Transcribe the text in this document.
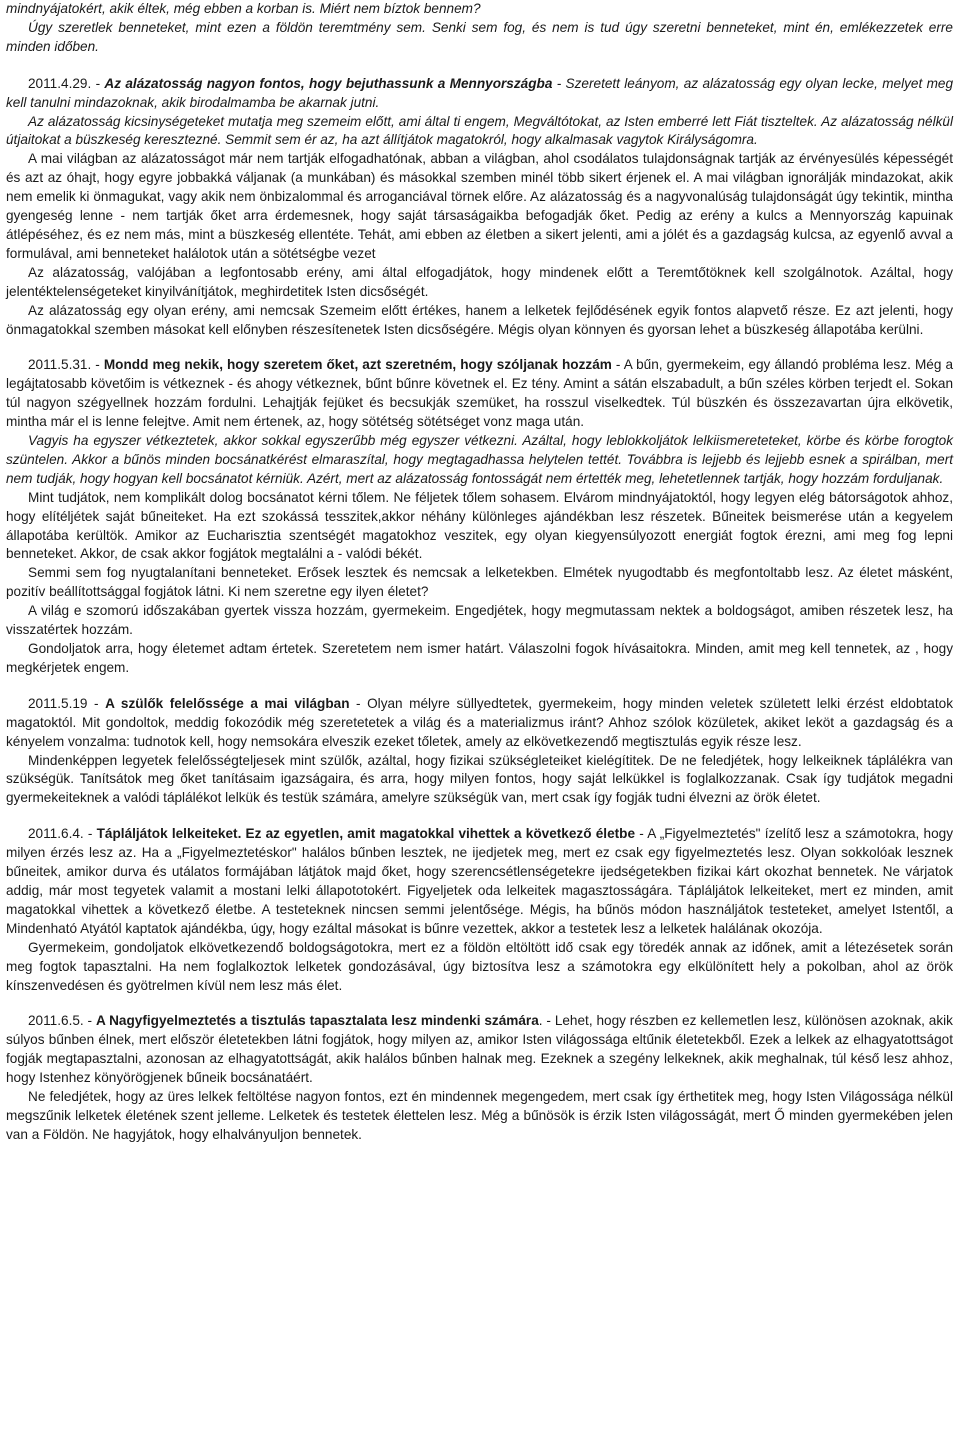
mindnyájatokért, akik éltek, még ebben a korban is. Miért nem bíztok bennem?

Úgy szeretlek benneteket, mint ezen a földön teremtmény sem. Senki sem fog, és nem is tud úgy szeretni benneteket, mint én, emlékezzetek erre minden időben.

2011.4.29. - Az alázatosság nagyon fontos, hogy bejuthassunk a Mennyországba - Szeretett leányom, az alázatosság egy olyan lecke, melyet meg kell tanulni mindazoknak, akik birodalmamba be akarnak jutni.

Az alázatosság kicsinységeteket mutatja meg szemeim előtt, ami által ti engem, Megváltótokat, az Isten emberré lett Fiát tiszteltek. Az alázatosság nélkül útjaitokat a büszkeség keresztezné. Semmit sem ér az, ha azt állítjátok magatokról, hogy alkalmasak vagytok Királyságomra.

A mai világban az alázatosságot már nem tartják elfogadhatónak, abban a világban, ahol csodálatos tulajdonságnak tartják az érvényesülés képességét és azt az óhajt, hogy egyre jobbakká váljanak (a munkában) és másokkal szemben minél több sikert érjenek el. A mai világban ignorálják mindazokat, akik nem emelik ki önmagukat, vagy akik nem önbizalommal és arroganciával törnek előre. Az alázatosság és a nagyvonalúság tulajdonságát úgy tekintik, mintha gyengeség lenne - nem tartják őket arra érdemesnek, hogy saját társaságaikba befogadják őket. Pedig az erény a kulcs a Mennyország kapuinak átlépéséhez, és ez nem más, mint a büszkeség ellentéte. Tehát, ami ebben az életben a sikert jelenti, ami a jólét és a gazdagság kulcsa, az egyenlő avval a formulával, ami benneteket halálotok után a sötétségbe vezet

Az alázatosság, valójában a legfontosabb erény, ami által elfogadjátok, hogy mindenek előtt a Teremtőtöknek kell szolgálnotok. Azáltal, hogy jelentéktelenségeteket kinyilvánítjátok, meghirdetitek Isten dicsőségét.

Az alázatosság egy olyan erény, ami nemcsak Szemeim előtt értékes, hanem a lelketek fejlődésének egyik fontos alapvető része. Ez azt jelenti, hogy önmagatokkal szemben másokat kell előnyben részesítenetek Isten dicsőségére. Mégis olyan könnyen és gyorsan lehet a büszkeség állapotába kerülni.

2011.5.31. - Mondd meg nekik, hogy szeretem őket, azt szeretném, hogy szóljanak hozzám - A bűn, gyermekeim, egy állandó probléma lesz. Még a legájtatosabb követőim is vétkeznek - és ahogy vétkeznek, bűnt bűnre követnek el. Ez tény. Amint a sátán elszabadult, a bűn széles körben terjedt el. Sokan túl nagyon szégyellnek hozzám fordulni. Lehajtják fejüket és becsukják szemüket, ha rosszul viselkedtek. Túl büszkén és összezavartan újra elkövetik, mintha már el is lenne felejtve. Amit nem értenek, az, hogy sötétség sötétséget vonz maga után.

Vagyis ha egyszer vétkeztetek, akkor sokkal egyszerűbb még egyszer vétkezni. Azáltal, hogy leblokkoljátok lelkiismereteteket, körbe és körbe forogtok szüntelen. Akkor a bűnös minden bocsánatkérést elmaraszítal, hogy megtagadhassa helytelen tettét. Továbbra is lejjebb és lejjebb esnek a spirálban, mert nem tudják, hogy hogyan kell bocsánatot kérniük. Azért, mert az alázatosság fontosságát nem értették meg, lehetetlennek tartják, hogy hozzám forduljanak.

Mint tudjátok, nem komplikált dolog bocsánatot kérni tőlem. Ne féljetek tőlem sohasem. Elvárom mindnyájatoktól, hogy legyen elég bátorságotok ahhoz, hogy elítéljétek saját bűneiteket. Ha ezt szokássá tesszitek,akkor néhány különleges ajándékban lesz részetek. Bűneitek beismerése után a kegyelem állapotába kerültök. Amikor az Eucharisztia szentségét magatokhoz veszitek, egy olyan kiegyensúlyozott energiát fogtok érezni, ami meg fog lepni benneteket. Akkor, de csak akkor fogjátok megtalálni a - valódi békét.

Semmi sem fog nyugtalanítani benneteket. Erősek lesztek és nemcsak a lelketekben. Elmétek nyugodtabb és megfontoltabb lesz. Az életet másként, pozitív beállítottsággal fogjátok látni. Ki nem szeretne egy ilyen életet?

A világ e szomorú időszakában gyertek vissza hozzám, gyermekeim. Engedjétek, hogy megmutassam nektek a boldogságot, amiben részetek lesz, ha visszatértek hozzám.

Gondoljatok arra, hogy életemet adtam értetek. Szeretetem nem ismer határt. Válaszolni fogok hívásaitokra. Minden, amit meg kell tennetek, az , hogy megkérjetek engem.

2011.5.19 - A szülők felelőssége a mai világban - Olyan mélyre süllyedtetek, gyermekeim, hogy minden veletek született lelki érzést eldobtatok magatoktól. Mit gondoltok, meddig fokozódik még szeretetetek a világ és a materializmus iránt? Ahhoz szólok közületek, akiket leköt a gazdagság és a kényelem vonzalma: tudnotok kell, hogy nemsokára elveszik ezeket tőletek, amely az elkövetkezendő megtisztulás egyik része lesz.

Mindenképpen legyetek felelősségteljesek mint szülők, azáltal, hogy fizikai szükségleteiket kielégítitek. De ne feledjétek, hogy lelkeiknek táplálékra van szükségük. Tanítsátok meg őket tanításaim igazságaira, és arra, hogy milyen fontos, hogy saját lelkükkel is foglalkozzanak. Csak így tudjátok megadni gyermekeiteknek a valódi táplálékot lelkük és testük számára, amelyre szükségük van, mert csak így fogják tudni élvezni az örök életet.

2011.6.4. - Tápláljátok lelkeiteket. Ez az egyetlen, amit magatokkal vihettek a következő életbe - A „Figyelmeztetés" ízelítő lesz a számotokra, hogy milyen érzés lesz az. Ha a „Figyelmeztetéskor" halálos bűnben lesztek, ne ijedjetek meg, mert ez csak egy figyelmeztetés lesz. Olyan sokkolóak lesznek bűneitek, amikor durva és utálatos formájában látjátok majd őket, hogy szerencsétlenségetekre ijedségetekben fizikai kárt okozhat bennetek. Ne várjatok addig, már most tegyetek valamit a mostani lelki állapototokért. Figyeljetek oda lelkeitek magasztosságára. Tápláljátok lelkeiteket, mert ez minden, amit magatokkal vihettek a következő életbe. A testeteknek nincsen semmi jelentősége. Mégis, ha bűnös módon használjátok testeteket, amelyet Istentől, a Mindenható Atyától kaptatok ajándékba, úgy, hogy ezáltal másokat is bűnre vezettek, akkor a testetek lesz a lelketek halálának okozója.

Gyermekeim, gondoljatok elkövetkezendő boldogságotokra, mert ez a földön eltöltött idő csak egy töredék annak az időnek, amit a létezésetek során meg fogtok tapasztalni. Ha nem foglalkoztok lelketek gondozásával, úgy biztosítva lesz a számotokra egy elkülönített hely a pokolban, ahol az örök kínszenvedésen és gyötrelmen kívül nem lesz más élet.

2011.6.5. - A Nagyfigyelmeztetés a tisztulás tapasztalata lesz mindenki számára. - Lehet, hogy részben ez kellemetlen lesz, különösen azoknak, akik súlyos bűnben élnek, mert először életetekben látni fogjátok, hogy milyen az, amikor Isten világossága eltűnik életetekből. Ezek a lelkek az elhagyatottságot fogják megtapasztalni, azonosan az elhagyatottságát, akik halálos bűnben halnak meg. Ezeknek a szegény lelkeknek, akik meghalnak, túl késő lesz ahhoz, hogy Istenhez könyörögjenek bűneik bocsánatáért.

Ne feledjétek, hogy az üres lelkek feltöltése nagyon fontos, ezt én mindennek megengedem, mert csak így érthetitek meg, hogy Isten Világossága nélkül megszűnik lelketek életének szent jelleme. Lelketek és testetek élettelen lesz. Még a bűnösök is érzik Isten világosságát, mert Ő minden gyermekében jelen van a Földön. Ne hagyjátok, hogy elhalványuljon bennetek.
